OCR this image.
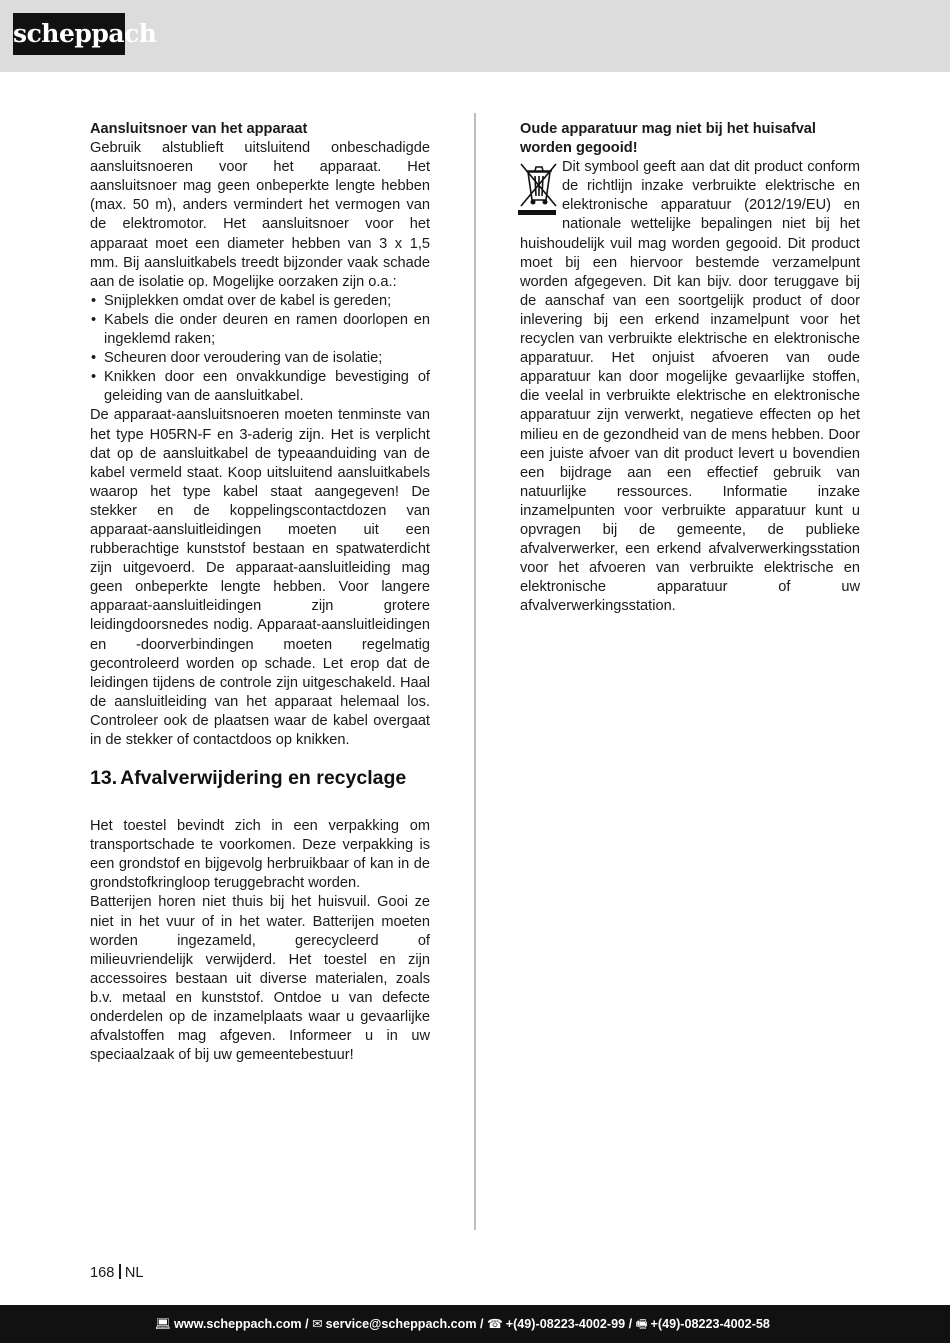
scheppach
Aansluitsnoer van het apparaat
Gebruik alstublieft uitsluitend onbeschadigde aansluitsnoeren voor het apparaat. Het aansluitsnoer mag geen onbeperkte lengte hebben (max. 50 m), anders vermindert het vermogen van de elektromotor. Het aansluitsnoer voor het apparaat moet een diameter hebben van 3 x 1,5 mm. Bij aansluitkabels treedt bijzonder vaak schade aan de isolatie op. Mogelijke oorzaken zijn o.a.:
• Snijplekken omdat over de kabel is gereden;
• Kabels die onder deuren en ramen doorlopen en ingeklemd raken;
• Scheuren door veroudering van de isolatie;
• Knikken door een onvakkundige bevestiging of geleiding van de aansluitkabel.
De apparaat-aansluitsnoeren moeten tenminste van het type H05RN-F en 3-aderig zijn. Het is verplicht dat op de aansluitkabel de typeaanduiding van de kabel vermeld staat. Koop uitsluitend aansluitkabels waarop het type kabel staat aangegeven! De stekker en de koppelingscontactdozen van apparaat-aansluitleidingen moeten uit een rubberachtige kunststof bestaan en spatwaterdicht zijn uitgevoerd. De apparaat-aansluitleiding mag geen onbeperkte lengte hebben. Voor langere apparaat-aansluitleidingen zijn grotere leidingdoorsnedes nodig. Apparaat-aansluitleidingen en -doorverbindingen moeten regelmatig gecontroleerd worden op schade. Let erop dat de leidingen tijdens de controle zijn uitgeschakeld. Haal de aansluitleiding van het apparaat helemaal los. Controleer ook de plaatsen waar de kabel overgaat in de stekker of contactdoos op knikken.
13. Afvalverwijdering en recyclage
Het toestel bevindt zich in een verpakking om transportschade te voorkomen. Deze verpakking is een grondstof en bijgevolg herbruikbaar of kan in de grondstofkringloop teruggebracht worden.
Batterijen horen niet thuis bij het huisvuil. Gooi ze niet in het vuur of in het water. Batterijen moeten worden ingezameld, gerecycleerd of milieuvriendelijk verwijderd. Het toestel en zijn accessoires bestaan uit diverse materialen, zoals b.v. metaal en kunststof. Ontdoe u van defecte onderdelen op de inzamelplaats waar u gevaarlijke afvalstoffen mag afgeven. Informeer u in uw speciaalzaak of bij uw gemeentebestuur!
Oude apparatuur mag niet bij het huisafval worden gegooid!
Dit symbool geeft aan dat dit product conform de richtlijn inzake verbruikte elektrische en elektronische apparatuur (2012/19/EU) en nationale wettelijke bepalingen niet bij het huishoudelijk vuil mag worden gegooid. Dit product moet bij een hiervoor bestemde verzamelpunt worden afgegeven. Dit kan bijv. door teruggave bij de aanschaf van een soortgelijk product of door inlevering bij een erkend inzamelpunt voor het recyclen van verbruikte elektrische en elektronische apparatuur. Het onjuist afvoeren van oude apparatuur kan door mogelijke gevaarlijke stoffen, die veelal in verbruikte elektrische en elektronische apparatuur zijn verwerkt, negatieve effecten op het milieu en de gezondheid van de mens hebben. Door een juiste afvoer van dit product levert u bovendien een bijdrage aan een effectief gebruik van natuurlijke ressources. Informatie inzake inzamelpunten voor verbruikte apparatuur kunt u opvragen bij de gemeente, de publieke afvalverwerker, een erkend afvalverwerkingsstation voor het afvoeren van verbruikte elektrische en elektronische apparatuur of uw afvalverwerkingsstation.
168 NL
💻︎ www.scheppach.com / ✉︎ service@scheppach.com / ☎︎ +(49)-08223-4002-99 / 🖷︎ +(49)-08223-4002-58
